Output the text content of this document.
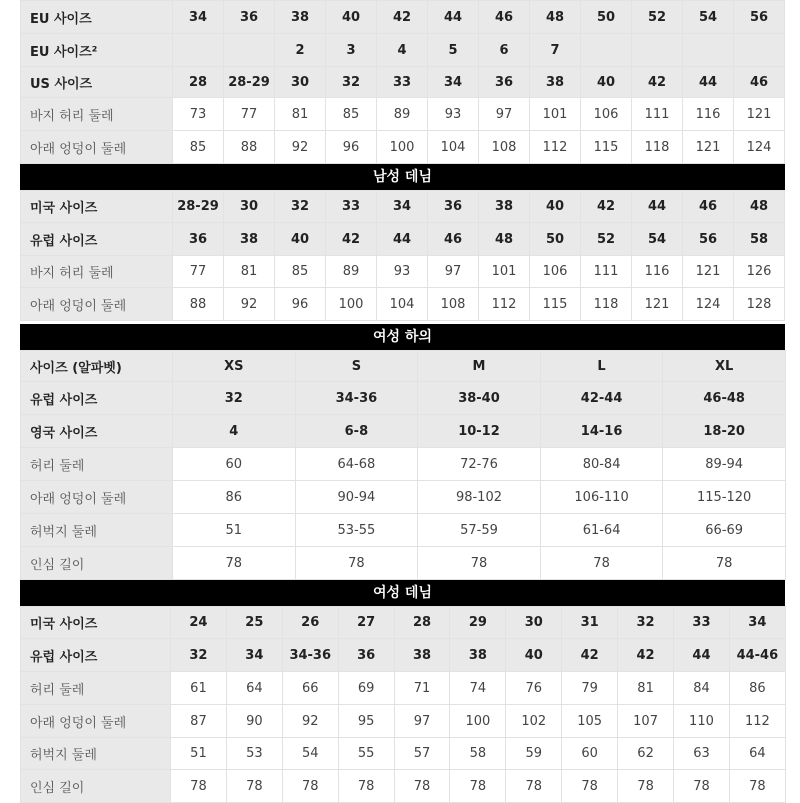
EU 사이즈	34	36	38	40	42	44	46	48	50	52	54	56
EU 사이즈²			2	3	4	5	6	7				
US 사이즈	28	28-29	30	32	33	34	36	38	40	42	44	46
바지 허리 둘레	73	77	81	85	89	93	97	101	106	111	116	121
아래 엉덩이 둘레	85	88	92	96	100	104	108	112	115	118	121	124
남성 데님
미국 사이즈	28-29	30	32	33	34	36	38	40	42	44	46	48
유럽 사이즈	36	38	40	42	44	46	48	50	52	54	56	58
바지 허리 둘레	77	81	85	89	93	97	101	106	111	116	121	126
아래 엉덩이 둘레	88	92	96	100	104	108	112	115	118	121	124	128
여성 하의
사이즈 (알파벳)	XS	S	M	L	XL
유럽 사이즈	32	34-36	38-40	42-44	46-48
영국 사이즈	4	6-8	10-12	14-16	18-20
허리 둘레	60	64-68	72-76	80-84	89-94
아래 엉덩이 둘레	86	90-94	98-102	106-110	115-120
허벅지 둘레	51	53-55	57-59	61-64	66-69
인심 길이	78	78	78	78	78
여성 데님
미국 사이즈	24	25	26	27	28	29	30	31	32	33	34
유럽 사이즈	32	34	34-36	36	38	38	40	42	42	44	44-46
허리 둘레	61	64	66	69	71	74	76	79	81	84	86
아래 엉덩이 둘레	87	90	92	95	97	100	102	105	107	110	112
허벅지 둘레	51	53	54	55	57	58	59	60	62	63	64
인심 길이	78	78	78	78	78	78	78	78	78	78	78
